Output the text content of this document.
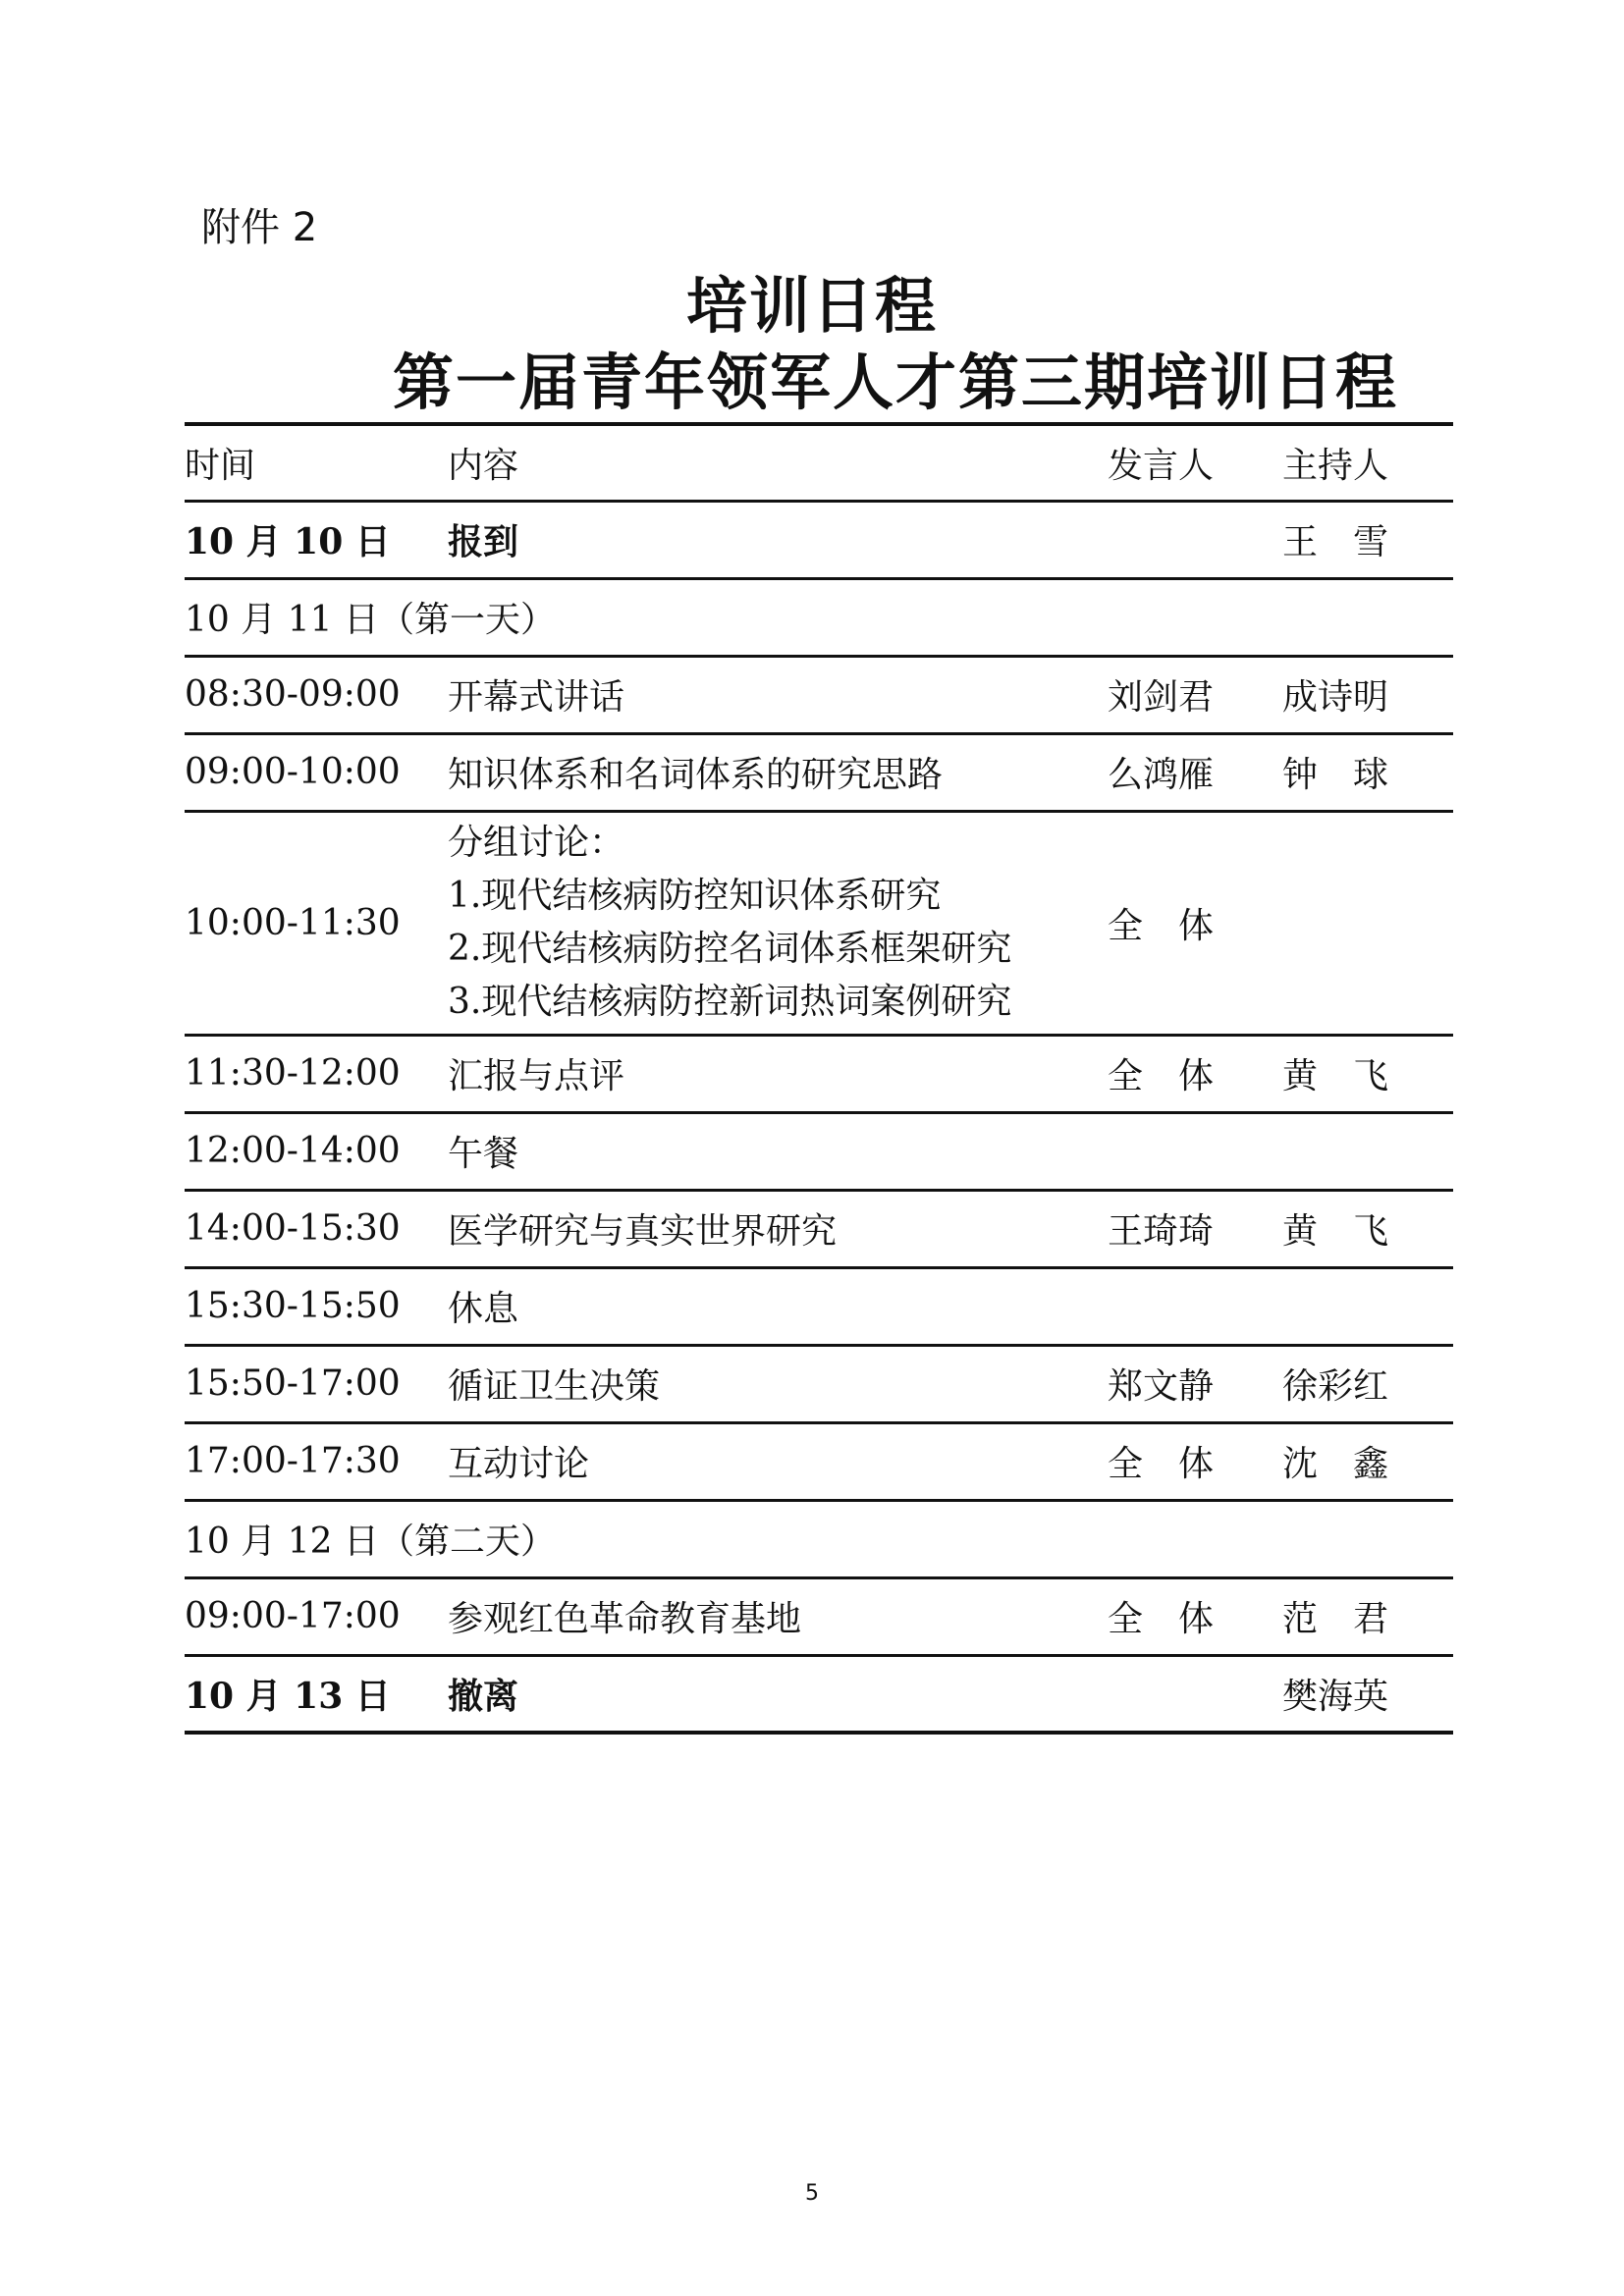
附件 2

培训日程
第一届青年领军人才第三期培训日程
时间	内容	发言人	主持人
10 月 10 日	报到		王　雪
10 月 11 日（第一天）			
08:30-09:00	开幕式讲话	刘剑君	成诗明
09:00-10:00	知识体系和名词体系的研究思路	么鸿雁	钟　球
10:00-11:30	分组讨论：
1.现代结核病防控知识体系研究
2.现代结核病防控名词体系框架研究
3.现代结核病防控新词热词案例研究	全　体	
11:30-12:00	汇报与点评	全　体	黄　飞
12:00-14:00	午餐		
14:00-15:30	医学研究与真实世界研究	王琦琦	黄　飞
15:30-15:50	休息		
15:50-17:00	循证卫生决策	郑文静	徐彩红
17:00-17:30	互动讨论	全　体	沈　鑫
10 月 12 日（第二天）			
09:00-17:00	参观红色革命教育基地	全　体	范　君
10 月 13 日	撤离		樊海英
5
